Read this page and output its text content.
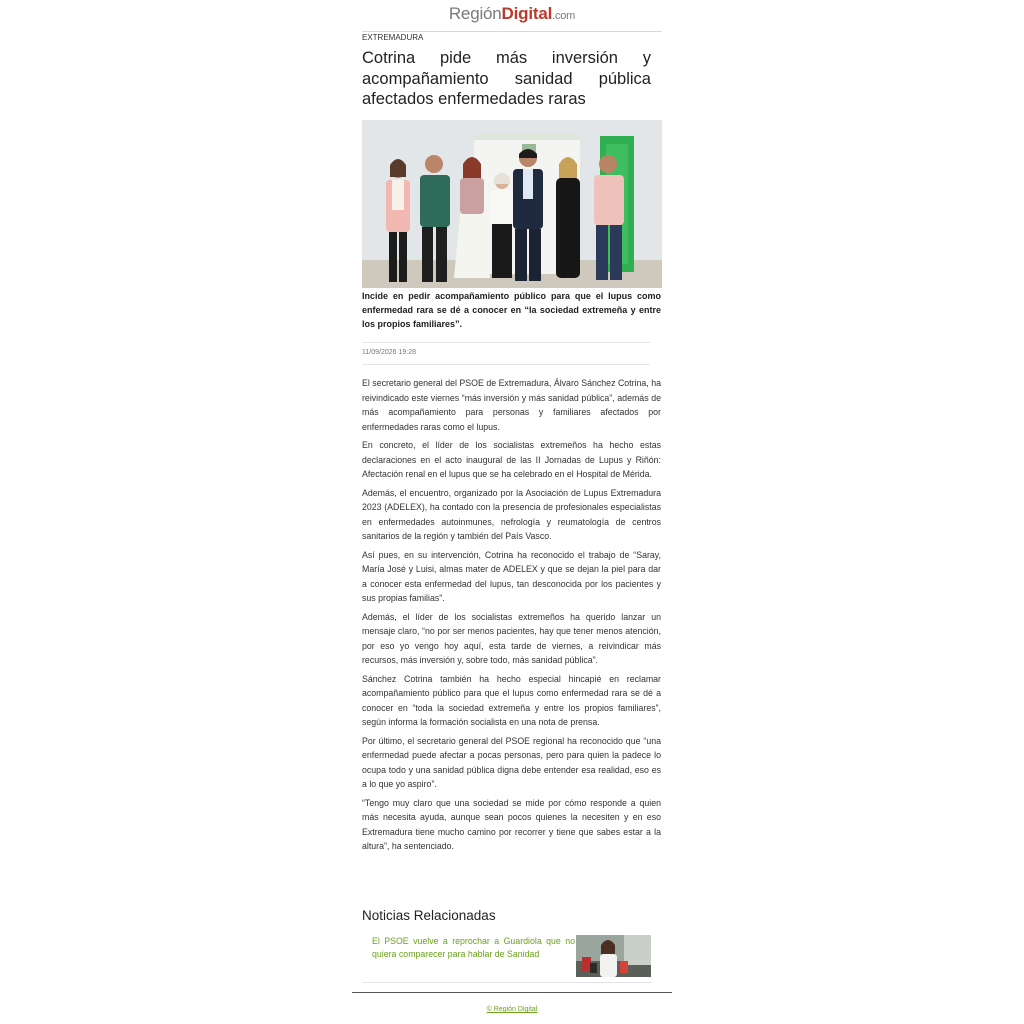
RegiónDigital.com
EXTREMADURA
Cotrina pide más inversión y acompañamiento sanidad pública afectados enfermedades raras

Incide en pedir acompañamiento público para que el lupus como enfermedad rara se dé a conocer en “la sociedad extremeña y entre los propios familiares”.

11/09/2026 19:28

El secretario general del PSOE de Extremadura, Álvaro Sánchez Cotrina, ha reivindicado este viernes “más inversión y más sanidad pública”, además de más acompañamiento para personas y familiares afectados por enfermedades raras como el lupus.

En concreto, el líder de los socialistas extremeños ha hecho estas declaraciones en el acto inaugural de las II Jornadas de Lupus y Riñón: Afectación renal en el lupus que se ha celebrado en el Hospital de Mérida.

Además, el encuentro, organizado por la Asociación de Lupus Extremadura 2023 (ADELEX), ha contado con la presencia de profesionales especialistas en enfermedades autoinmunes, nefrología y reumatología de centros sanitarios de la región y también del País Vasco.

Así pues, en su intervención, Cotrina ha reconocido el trabajo de “Saray, María José y Luisi, almas mater de ADELEX y que se dejan la piel para dar a conocer esta enfermedad del lupus, tan desconocida por los pacientes y sus propias familias”.

Además, el líder de los socialistas extremeños ha querido lanzar un mensaje claro, “no por ser menos pacientes, hay que tener menos atención, por eso yo vengo hoy aquí, esta tarde de viernes, a reivindicar más recursos, más inversión y, sobre todo, más sanidad pública”.

Sánchez Cotrina también ha hecho especial hincapié en reclamar acompañamiento público para que el lupus como enfermedad rara se dé a conocer en “toda la sociedad extremeña y entre los propios familiares”, según informa la formación socialista en una nota de prensa.

Por último, el secretario general del PSOE regional ha reconocido que “una enfermedad puede afectar a pocas personas, pero para quien la padece lo ocupa todo y una sanidad pública digna debe entender esa realidad, eso es a lo que yo aspiro”.

“Tengo muy claro que una sociedad se mide por cómo responde a quien más necesita ayuda, aunque sean pocos quienes la necesiten y en eso Extremadura tiene mucho camino por recorrer y tiene que sabes estar a la altura”, ha sentenciado.

Noticias Relacionadas
El PSOE vuelve a reprochar a Guardiola que no quiera comparecer para hablar de Sanidad
© Región Digital
